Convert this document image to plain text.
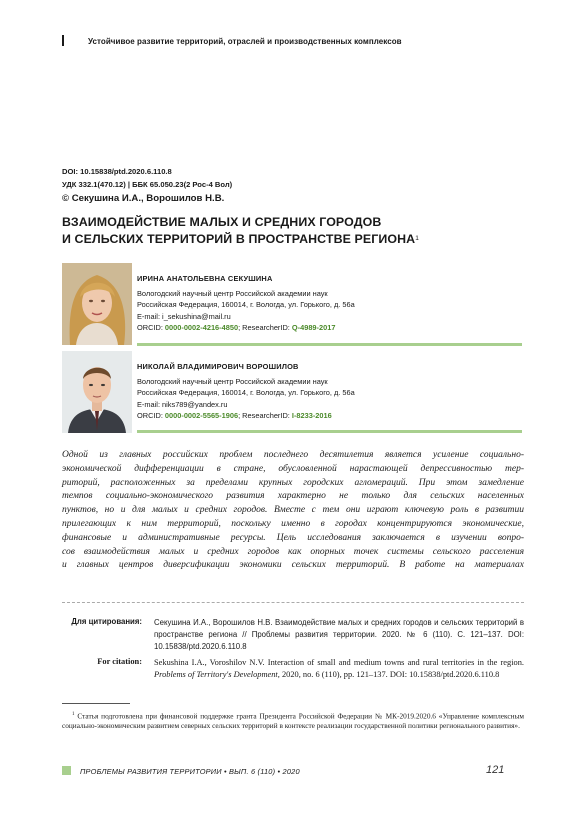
Устойчивое развитие территорий, отраслей и производственных комплексов
DOI: 10.15838/ptd.2020.6.110.8
УДК 332.1(470.12) | ББК 65.050.23(2 Рос-4 Вол)
© Секушина И.А., Ворошилов Н.В.
ВЗАИМОДЕЙСТВИЕ МАЛЫХ И СРЕДНИХ ГОРОДОВ
И СЕЛЬСКИХ ТЕРРИТОРИЙ В ПРОСТРАНСТВЕ РЕГИОНА$^1$
ИРИНА АНАТОЛЬЕВНА СЕКУШИНА
Вологодский научный центр Российской академии наук
Российская Федерация, 160014, г. Вологда, ул. Горького, д. 56а
E-mail: i_sekushina@mail.ru
ORCID: 0000-0002-4216-4850; ResearcherID: Q-4989-2017
НИКОЛАЙ ВЛАДИМИРОВИЧ ВОРОШИЛОВ
Вологодский научный центр Российской академии наук
Российская Федерация, 160014, г. Вологда, ул. Горького, д. 56а
E-mail: niks789@yandex.ru
ORCID: 0000-0002-5565-1906; ResearcherID: I-8233-2016
Одной из главных российских проблем последнего десятилетия является усиление социально-
экономической дифференциации в стране, обусловленной нарастающей депрессивностью тер-
риторий, расположенных за пределами крупных городских агломераций. При этом замедление
темпов социально-экономического развития характерно не только для сельских населенных
пунктов, но и для малых и средних городов. Вместе с тем они играют ключевую роль в развитии
прилегающих к ним территорий, поскольку именно в городах концентрируются экономические,
финансовые и административные ресурсы. Цель исследования заключается в изучении вопро-
сов взаимодействия малых и средних городов как опорных точек системы сельского расселения
и главных центров диверсификации экономики сельских территорий. В работе на материалах
Для цитирования: Секушина И.А., Ворошилов Н.В. Взаимодействие малых и средних городов и сельских территорий в пространстве региона // Проблемы развития территории. 2020. № 6 (110). С. 121–137. DOI: 10.15838/ptd.2020.6.110.8
For citation: Sekushina I.A., Voroshilov N.V. Interaction of small and medium towns and rural territories in the region. Problems of Territory's Development, 2020, no. 6 (110), pp. 121–137. DOI: 10.15838/ptd.2020.6.110.8
$^1$ Статья подготовлена при финансовой поддержке гранта Президента Российской Федерации № МК-2019.2020.6 «Управление комплексным социально-экономическим развитием северных сельских территорий в контексте реализации государственной политики регионального развития».
ПРОБЛЕМЫ РАЗВИТИЯ ТЕРРИТОРИИ • ВЫП. 6 (110) • 2020	121
